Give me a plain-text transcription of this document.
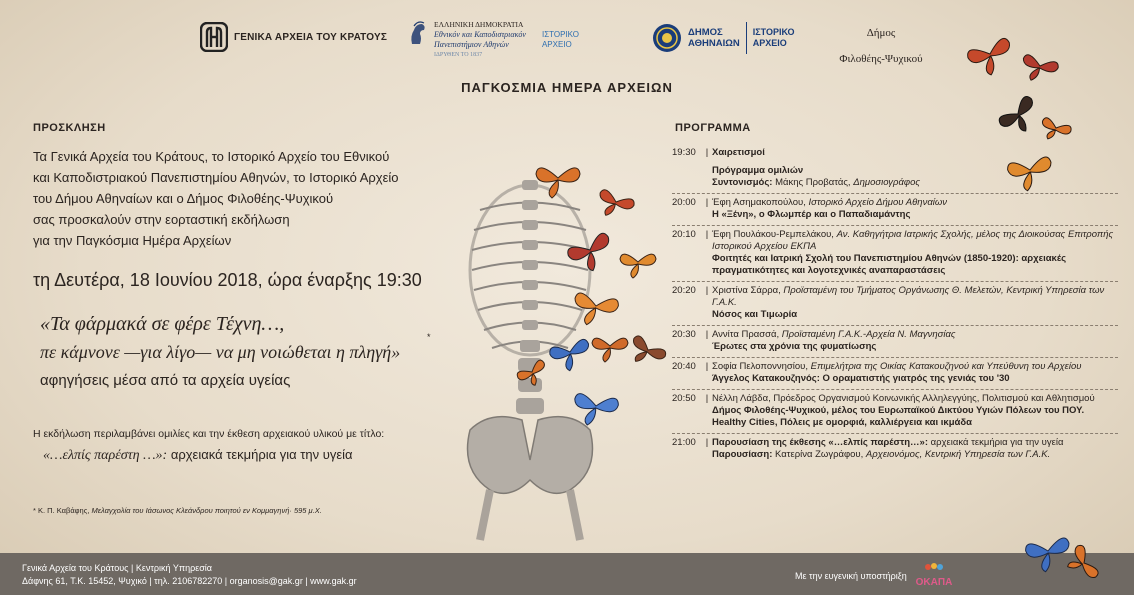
ΓΕΝΙΚΑ ΑΡΧΕΙΑ ΤΟΥ ΚΡΑΤΟΥΣ
ΕΛΛΗΝΙΚΗ ΔΗΜΟΚΡΑΤΙΑ
Εθνικόν και Καποδιστριακόν
Πανεπιστήμιον Αθηνών
ΙΔΡΥΘΕΝ ΤΟ 1837
ΙΣΤΟΡΙΚΟ
ΑΡΧΕΙΟ
ΔΗΜΟΣ
ΑΘΗΝΑΙΩΝ
ΙΣΤΟΡΙΚΟ
ΑΡΧΕΙΟ
Δήμος
Φιλοθέης-Ψυχικού
ΠΑΓΚΟΣΜΙΑ ΗΜΕΡΑ ΑΡΧΕΙΩΝ
ΠΡΟΣΚΛΗΣΗ
Τα Γενικά Αρχεία του Κράτους, το Ιστορικό Αρχείο του Εθνικού
και Καποδιστριακού Πανεπιστημίου Αθηνών, το Ιστορικό Αρχείο
του Δήμου Αθηναίων και ο Δήμος Φιλοθέης-Ψυχικού
σας προσκαλούν στην εορταστική εκδήλωση
για την Παγκόσμια Ημέρα Αρχείων
τη Δευτέρα, 18 Ιουνίου 2018, ώρα έναρξης 19:30
«Τα φάρμακά σε φέρε Τέχνη…,
πε κάμνονε —για λίγο— να μη νοιώθεται η πληγή»
*
αφηγήσεις μέσα από τα αρχεία υγείας
Η εκδήλωση περιλαμβάνει ομιλίες και την έκθεση αρχειακού υλικού με τίτλο:
«…ελπίς παρέστη …»: αρχειακά τεκμήρια για την υγεία
* Κ. Π. Καβάφης, Μελαγχολία του Ιάσωνος Κλεάνδρου ποιητού εν Κομμαγηνή· 595 μ.Χ.
ΠΡΟΓΡΑΜΜΑ
19:30	| Χαιρετισμοί
Πρόγραμμα ομιλιών
Συντονισμός: Μάκης Προβατάς, Δημοσιογράφος
20:00	| Έφη Ασημακοπούλου, Ιστορικό Αρχείο Δήμου Αθηναίων
Η «Ξένη», ο Φλωμπέρ και ο Παπαδιαμάντης
20:10	| Έφη Πουλάκου-Ρεμπελάκου, Αν. Καθηγήτρια Ιατρικής Σχολής, μέλος της Διοικούσας Επιτροπής Ιστορικού Αρχείου ΕΚΠΑ
Φοιτητές και Ιατρική Σχολή του Πανεπιστημίου Αθηνών (1850-1920): αρχειακές πραγματικότητες και λογοτεχνικές αναπαραστάσεις
20:20	| Χριστίνα Σάρρα, Προϊσταμένη του Τμήματος Οργάνωσης Θ. Μελετών, Κεντρική Υπηρεσία των Γ.Α.Κ.
Νόσος και Τιμωρία
20:30	| Αννίτα Πρασσά, Προϊσταμένη Γ.Α.Κ.-Αρχεία Ν. Μαγνησίας
Έρωτες στα χρόνια της φυματίωσης
20:40	| Σοφία Πελοποννησίου, Επιμελήτρια της Οικίας Κατακουζηνού και Υπεύθυνη του Αρχείου
Άγγελος Κατακουζηνός: Ο οραματιστής γιατρός της γενιάς του '30
20:50	| Νέλλη Λάβδα, Πρόεδρος Οργανισμού Κοινωνικής Αλληλεγγύης, Πολιτισμού και Αθλητισμού
Δήμος Φιλοθέης-Ψυχικού, μέλος του Ευρωπαϊκού Δικτύου Υγιών Πόλεων του ΠΟΥ. Healthy Cities, Πόλεις με ομορφιά, καλλιέργεια και ικμάδα
21:00	| Παρουσίαση της έκθεσης «…ελπίς παρέστη…»: αρχειακά τεκμήρια για την υγεία
Παρουσίαση: Κατερίνα Ζωγράφου, Αρχειονόμος, Κεντρική Υπηρεσία των Γ.Α.Κ.
Γενικά Αρχεία του Κράτους | Κεντρική Υπηρεσία
Δάφνης 61, Τ.Κ. 15452, Ψυχικό | τηλ. 2106782270 | organosis@gak.gr | www.gak.gr	Με την ευγενική υποστήριξη
ΟΚΑΠΑ
